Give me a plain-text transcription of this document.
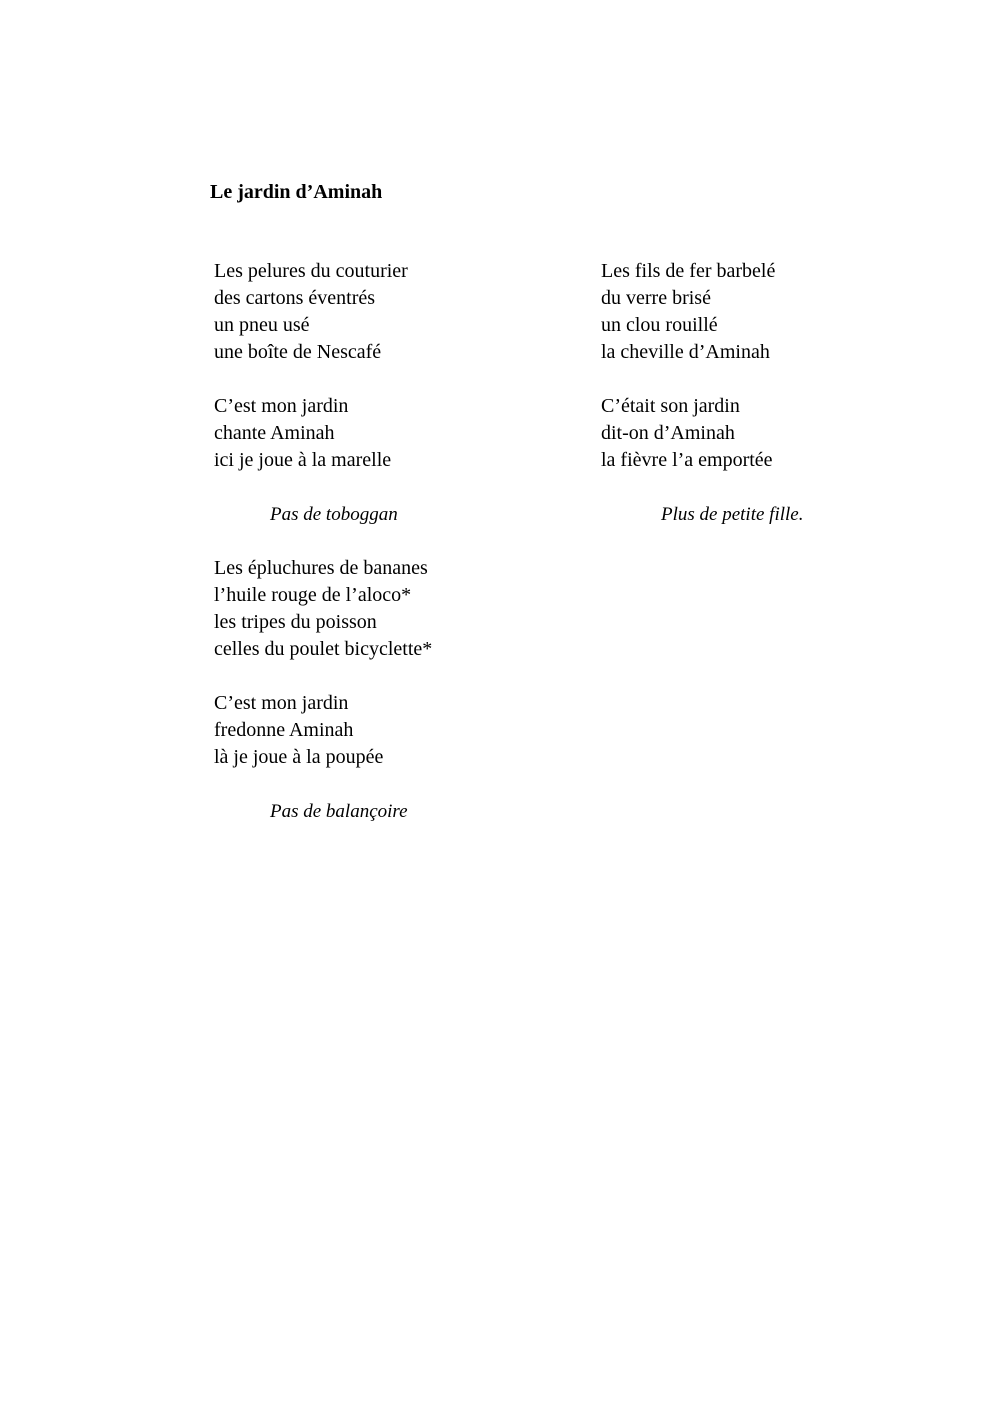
Le jardin d’Aminah
Les pelures du couturier
des cartons éventrés
un pneu usé
une boîte de Nescafé
C’est mon jardin
chante Aminah
ici je joue à la marelle
Pas de toboggan
Les épluchures de bananes
l’huile rouge de l’aloco*
les tripes du poisson
celles du poulet bicyclette*
C’est mon jardin
fredonne Aminah
là je joue à la poupée
Pas de balançoire
Les fils de fer barbelé
du verre brisé
un clou rouillé
la cheville d’Aminah
C’était son jardin
dit-on d’Aminah
la fièvre l’a emportée
Plus de petite fille.
